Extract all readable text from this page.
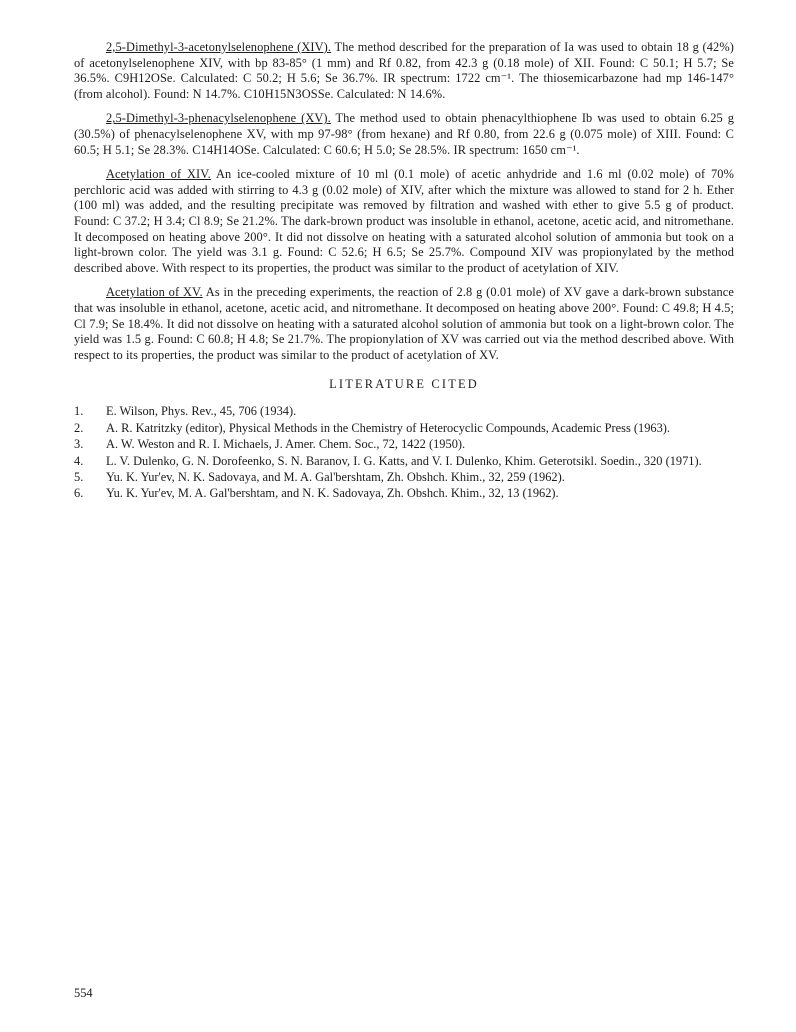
2,5-Dimethyl-3-acetonylselenophene (XIV). The method described for the preparation of Ia was used to obtain 18 g (42%) of acetonylselenophene XIV, with bp 83-85° (1 mm) and Rf 0.82, from 42.3 g (0.18 mole) of XII. Found: C 50.1; H 5.7; Se 36.5%. C9H12OSe. Calculated: C 50.2; H 5.6; Se 36.7%. IR spectrum: 1722 cm⁻¹. The thiosemicarbazone had mp 146-147° (from alcohol). Found: N 14.7%. C10H15N3OSSe. Calculated: N 14.6%.

2,5-Dimethyl-3-phenacylselenophene (XV). The method used to obtain phenacylthiophene Ib was used to obtain 6.25 g (30.5%) of phenacylselenophene XV, with mp 97-98° (from hexane) and Rf 0.80, from 22.6 g (0.075 mole) of XIII. Found: C 60.5; H 5.1; Se 28.3%. C14H14OSe. Calculated: C 60.6; H 5.0; Se 28.5%. IR spectrum: 1650 cm⁻¹.

Acetylation of XIV. An ice-cooled mixture of 10 ml (0.1 mole) of acetic anhydride and 1.6 ml (0.02 mole) of 70% perchloric acid was added with stirring to 4.3 g (0.02 mole) of XIV, after which the mixture was allowed to stand for 2 h. Ether (100 ml) was added, and the resulting precipitate was removed by filtration and washed with ether to give 5.5 g of product. Found: C 37.2; H 3.4; Cl 8.9; Se 21.2%. The dark-brown product was insoluble in ethanol, acetone, acetic acid, and nitromethane. It decomposed on heating above 200°. It did not dissolve on heating with a saturated alcohol solution of ammonia but took on a light-brown color. The yield was 3.1 g. Found: C 52.6; H 6.5; Se 25.7%. Compound XIV was propionylated by the method described above. With respect to its properties, the product was similar to the product of acetylation of XIV.

Acetylation of XV. As in the preceding experiments, the reaction of 2.8 g (0.01 mole) of XV gave a dark-brown substance that was insoluble in ethanol, acetone, acetic acid, and nitromethane. It decomposed on heating above 200°. Found: C 49.8; H 4.5; Cl 7.9; Se 18.4%. It did not dissolve on heating with a saturated alcohol solution of ammonia but took on a light-brown color. The yield was 1.5 g. Found: C 60.8; H 4.8; Se 21.7%. The propionylation of XV was carried out via the method described above. With respect to its properties, the product was similar to the product of acetylation of XV.

LITERATURE CITED
1.	E. Wilson, Phys. Rev., 45, 706 (1934).
2.	A. R. Katritzky (editor), Physical Methods in the Chemistry of Heterocyclic Compounds, Academic Press (1963).
3.	A. W. Weston and R. I. Michaels, J. Amer. Chem. Soc., 72, 1422 (1950).
4.	L. V. Dulenko, G. N. Dorofeenko, S. N. Baranov, I. G. Katts, and V. I. Dulenko, Khim. Geterotsikl. Soedin., 320 (1971).
5.	Yu. K. Yur'ev, N. K. Sadovaya, and M. A. Gal'bershtam, Zh. Obshch. Khim., 32, 259 (1962).
6.	Yu. K. Yur'ev, M. A. Gal'bershtam, and N. K. Sadovaya, Zh. Obshch. Khim., 32, 13 (1962).
554
